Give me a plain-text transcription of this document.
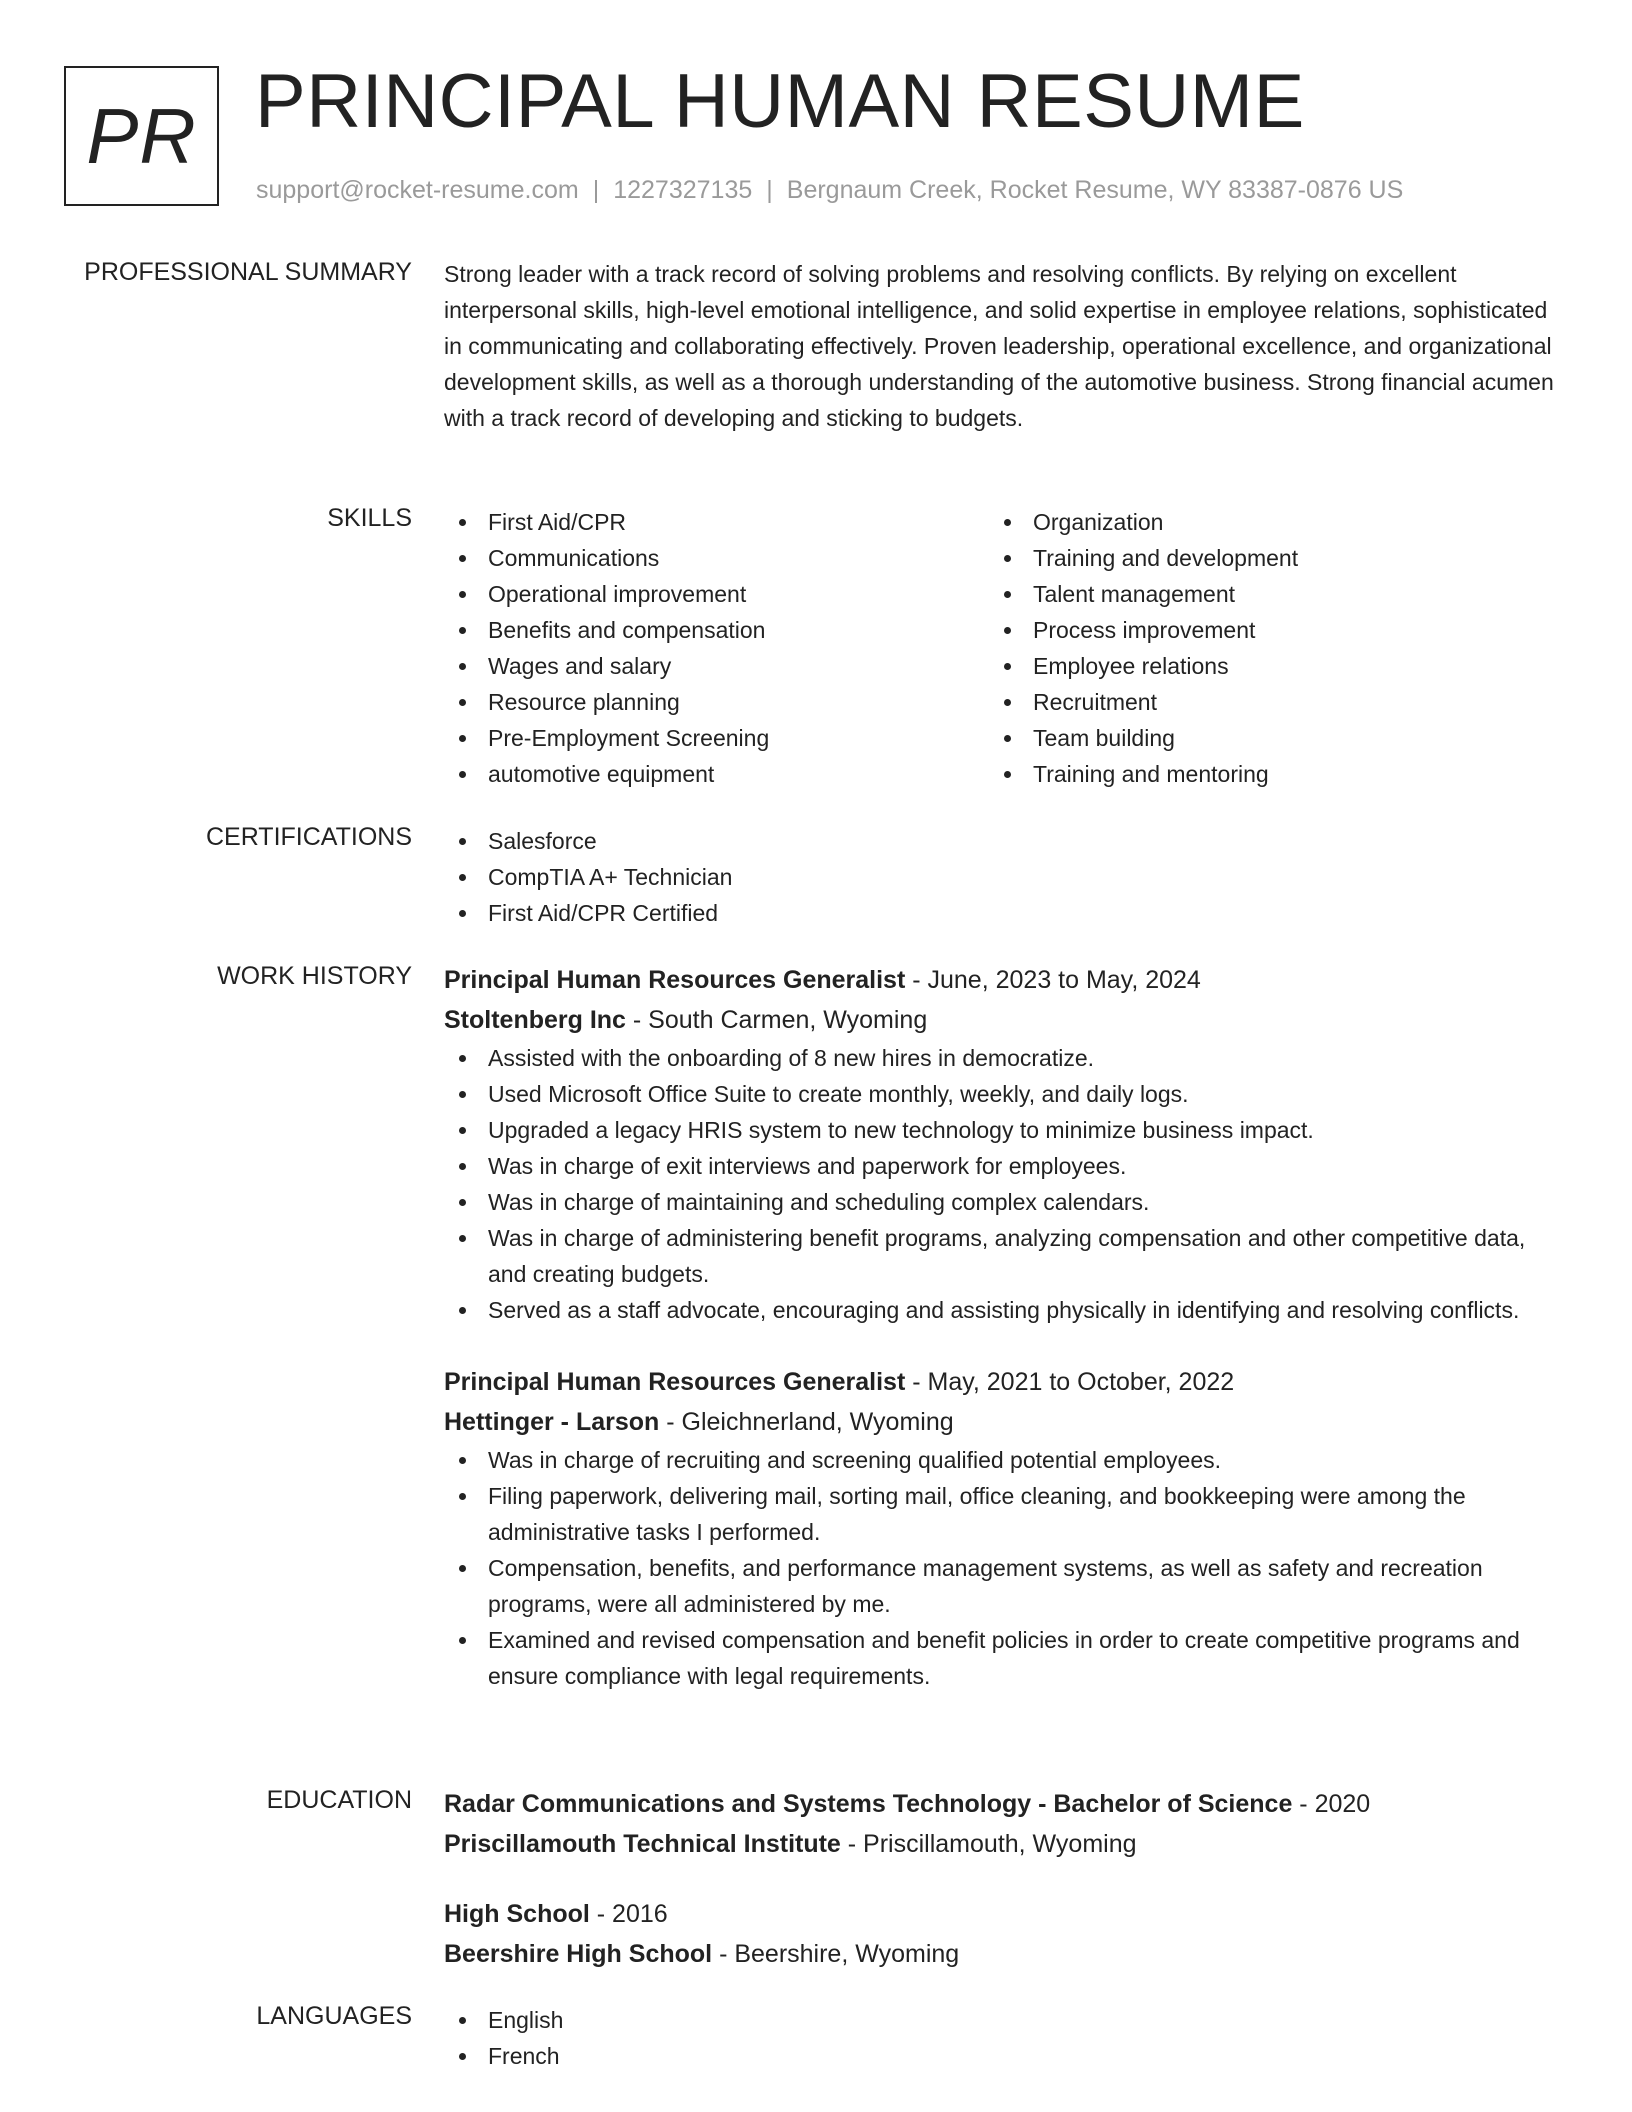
PR PRINCIPAL HUMAN RESUME
support@rocket-resume.com | 1227327135 | Bergnaum Creek, Rocket Resume, WY 83387-0876 US
PROFESSIONAL SUMMARY Strong leader with a track record of solving problems and resolving conflicts. By relying on excellent interpersonal skills, high-level emotional intelligence, and solid expertise in employee relations, sophisticated in communicating and collaborating effectively. Proven leadership, operational excellence, and organizational development skills, as well as a thorough understanding of the automotive business. Strong financial acumen with a track record of developing and sticking to budgets.

SKILLS	First Aid/CPR
Communications
Operational improvement
Benefits and compensation
Wages and salary
Resource planning
Pre-Employment Screening
automotive equipment
Organization
Training and development
Talent management
Process improvement
Employee relations
Recruitment
Team building
Training and mentoring
CERTIFICATIONS	Salesforce
CompTIA A+ Technician
First Aid/CPR Certified
WORK HISTORY Principal Human Resources Generalist - June, 2023 to May, 2024
Stoltenberg Inc - South Carmen, Wyoming
Assisted with the onboarding of 8 new hires in democratize.
Used Microsoft Office Suite to create monthly, weekly, and daily logs.
Upgraded a legacy HRIS system to new technology to minimize business impact.
Was in charge of exit interviews and paperwork for employees.
Was in charge of maintaining and scheduling complex calendars.
Was in charge of administering benefit programs, analyzing compensation and other competitive data, and creating budgets.
Served as a staff advocate, encouraging and assisting physically in identifying and resolving conflicts.
Principal Human Resources Generalist - May, 2021 to October, 2022
Hettinger - Larson - Gleichnerland, Wyoming
Was in charge of recruiting and screening qualified potential employees.
Filing paperwork, delivering mail, sorting mail, office cleaning, and bookkeeping were among the administrative tasks I performed.
Compensation, benefits, and performance management systems, as well as safety and recreation programs, were all administered by me.
Examined and revised compensation and benefit policies in order to create competitive programs and ensure compliance with legal requirements.
EDUCATION Radar Communications and Systems Technology - Bachelor of Science - 2020
Priscillamouth Technical Institute - Priscillamouth, Wyoming
High School - 2016
Beershire High School - Beershire, Wyoming
LANGUAGES	English
French
